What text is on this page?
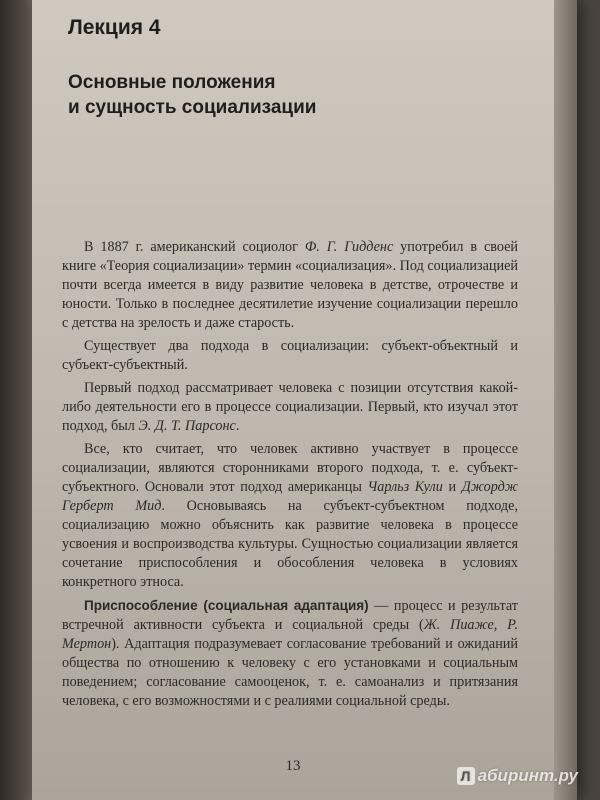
Лекция 4
Основные положения
и сущность социализации

В 1887 г. американский социолог Ф. Г. Гидденс употребил в своей книге «Теория социализации» термин «социализация». Под социализацией почти всегда имеется в виду развитие человека в детстве, отрочестве и юности. Только в последнее десятилетие изучение социализации перешло с детства на зрелость и даже старость.

Существует два подхода в социализации: субъект-объектный и субъект-субъектный.

Первый подход рассматривает человека с позиции отсутствия какой-либо деятельности его в процессе социализации. Первый, кто изучал этот подход, был Э. Д. Т. Парсонс.

Все, кто считает, что человек активно участвует в процессе социализации, являются сторонниками второго подхода, т. е. субъект-субъектного. Основали этот подход американцы Чарльз Кули и Джордж Герберт Мид. Основываясь на субъект-субъектном подходе, социализацию можно объяснить как развитие человека в процессе усвоения и воспроизводства культуры. Сущностью социализации является сочетание приспособления и обособления человека в условиях конкретного этноса.

Приспособление (социальная адаптация) — процесс и результат встречной активности субъекта и социальной среды (Ж. Пиаже, Р. Мертон). Адаптация подразумевает согласование требований и ожиданий общества по отношению к человеку с его установками и социальным поведением; согласование самооценок, т. е. самоанализ и притязания человека, с его возможностями и с реалиями социальной среды.

13
Л абиринт.ру
